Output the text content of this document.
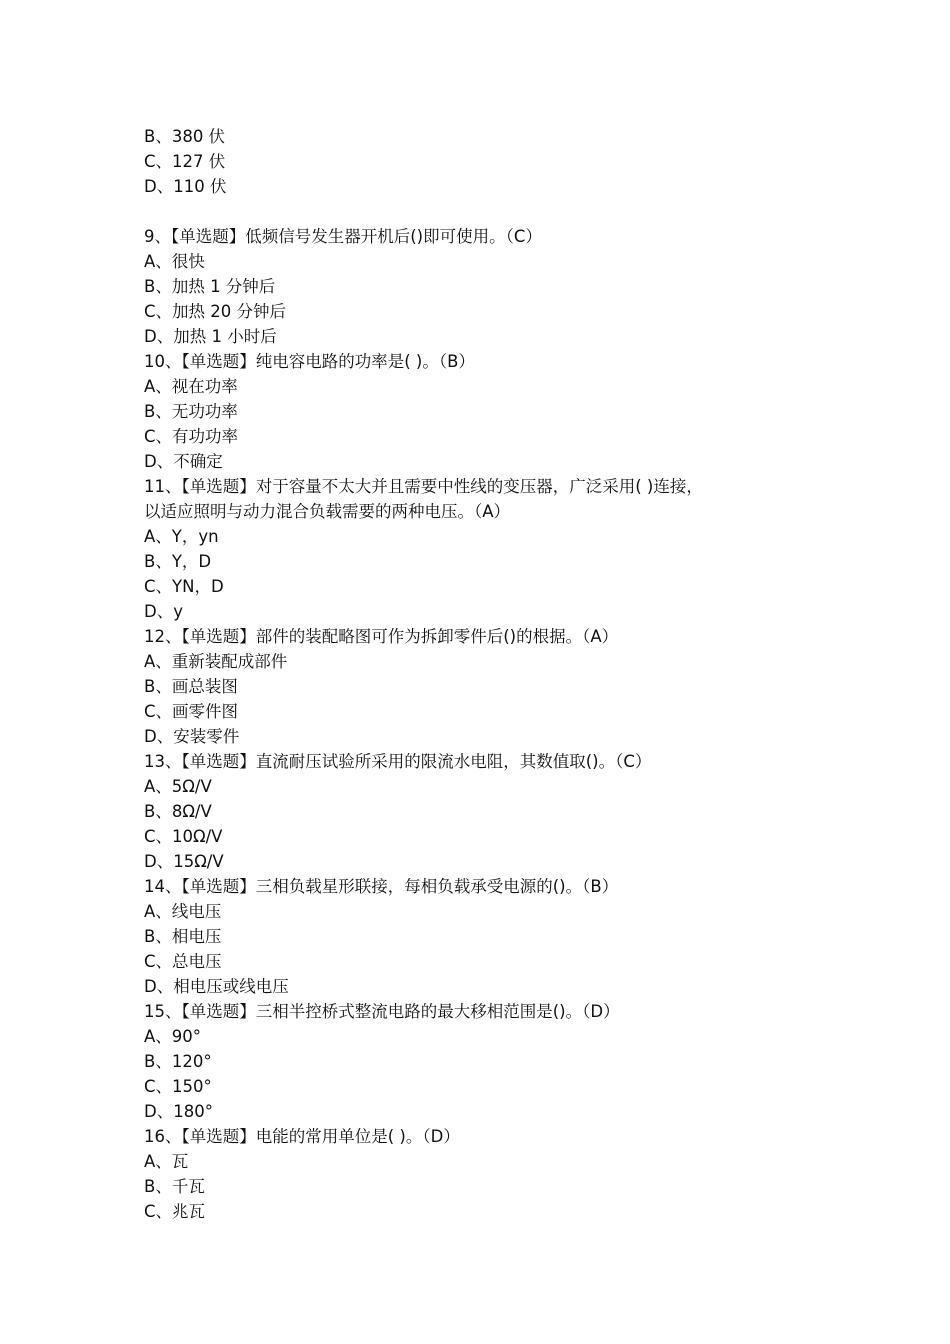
B、380 伏
C、127 伏
D、110 伏
9、【单选题】低频信号发生器开机后()即可使用。（C）
A、很快
B、加热 1 分钟后
C、加热 20 分钟后
D、加热 1 小时后
10、【单选题】纯电容电路的功率是( )。（B）
A、视在功率
B、无功功率
C、有功功率
D、不确定
11、【单选题】对于容量不太大并且需要中性线的变压器，广泛采用( )连接，
以适应照明与动力混合负载需要的两种电压。（A）
A、Y，yn
B、Y，D
C、YN，D
D、y
12、【单选题】部件的装配略图可作为拆卸零件后()的根据。（A）
A、重新装配成部件
B、画总装图
C、画零件图
D、安装零件
13、【单选题】直流耐压试验所采用的限流水电阻，其数值取()。（C）
A、5Ω/V
B、8Ω/V
C、10Ω/V
D、15Ω/V
14、【单选题】三相负载星形联接，每相负载承受电源的()。（B）
A、线电压
B、相电压
C、总电压
D、相电压或线电压
15、【单选题】三相半控桥式整流电路的最大移相范围是()。（D）
A、90°
B、120°
C、150°
D、180°
16、【单选题】电能的常用单位是( )。（D）
A、瓦
B、千瓦
C、兆瓦
